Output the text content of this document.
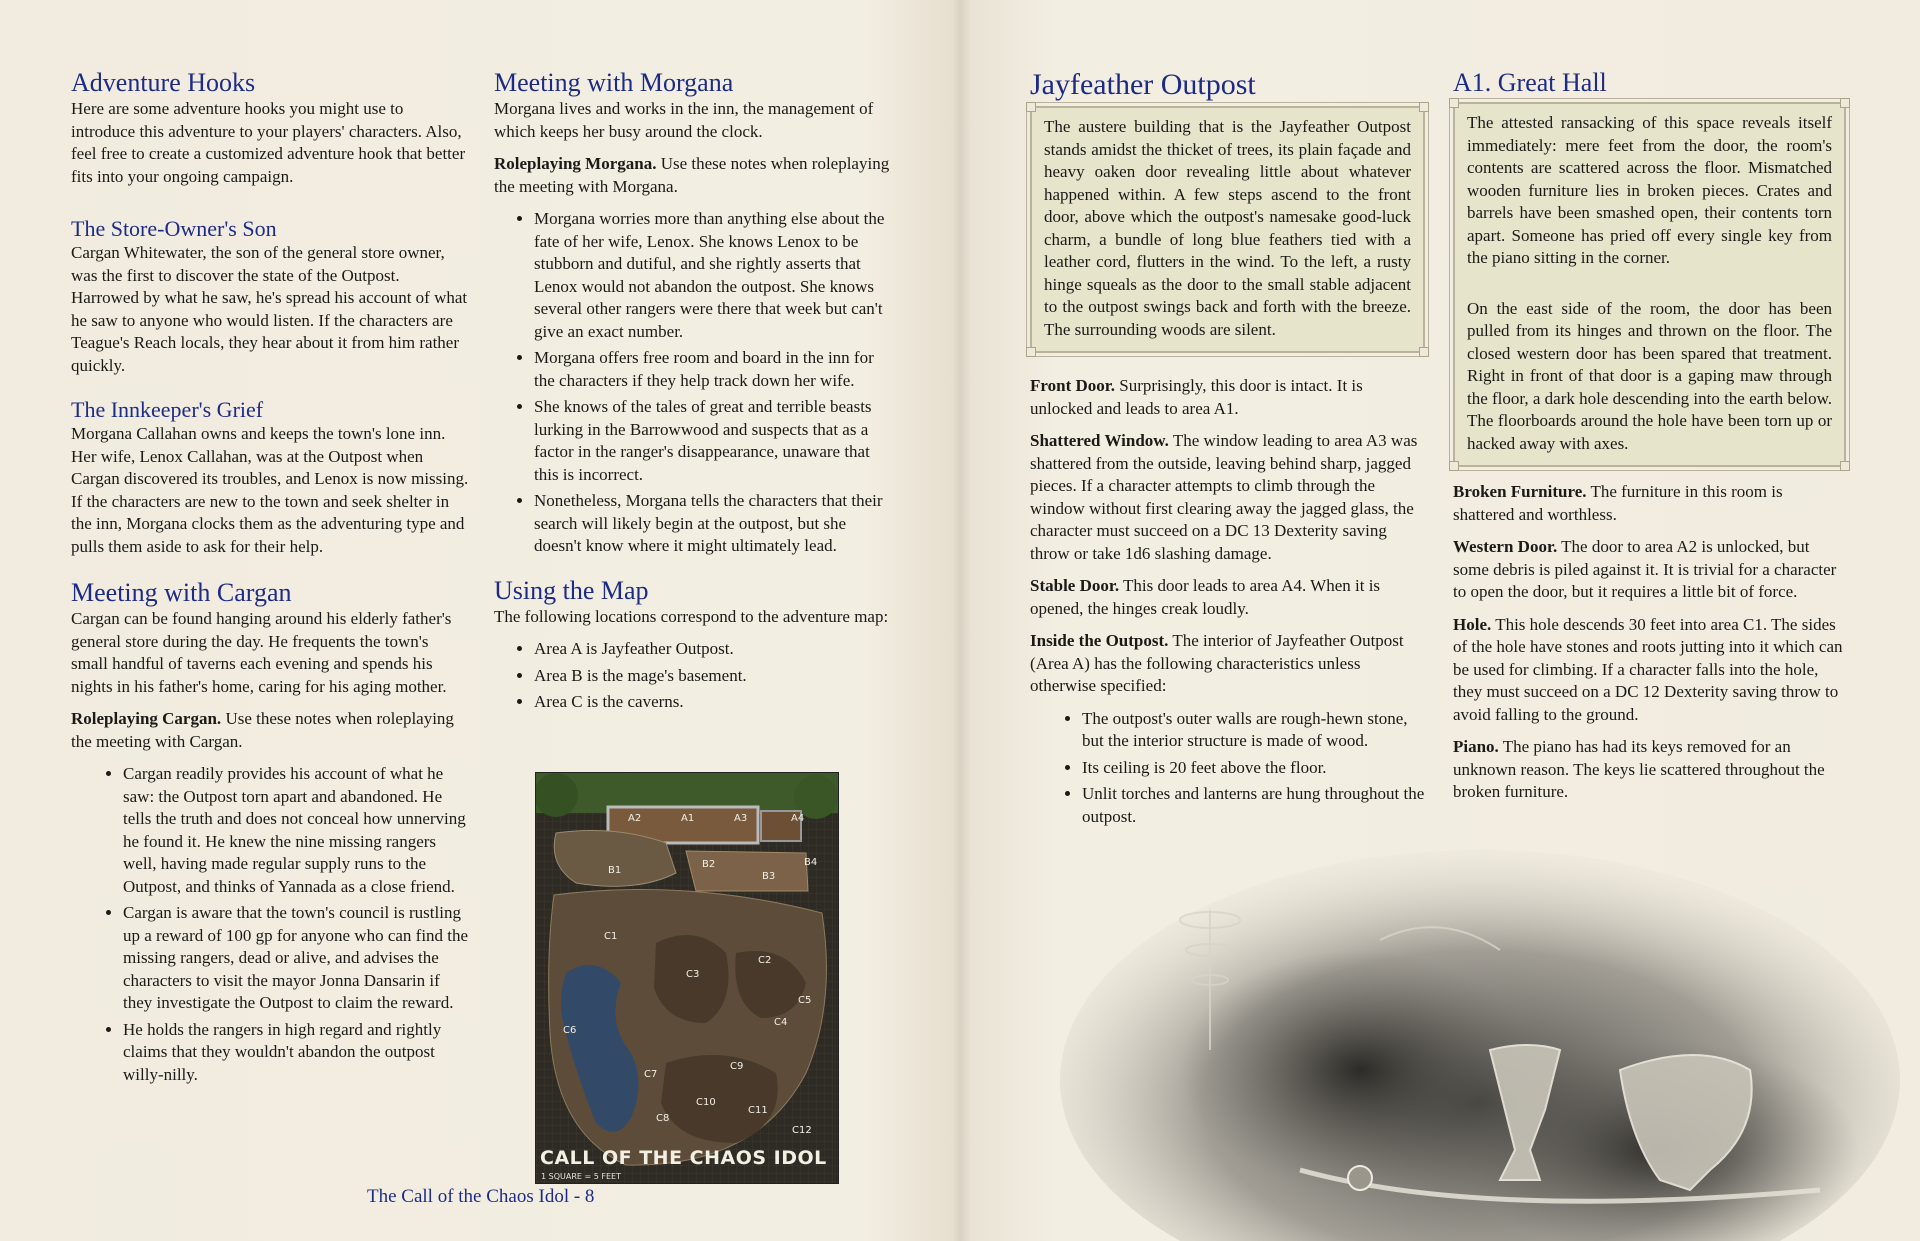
Adventure Hooks

Here are some adventure hooks you might use to introduce this adventure to your players' characters. Also, feel free to create a customized adventure hook that better fits into your ongoing campaign.

The Store-Owner's Son

Cargan Whitewater, the son of the general store owner, was the first to discover the state of the Outpost. Harrowed by what he saw, he's spread his account of what he saw to anyone who would listen. If the characters are Teague's Reach locals, they hear about it from him rather quickly.

The Innkeeper's Grief

Morgana Callahan owns and keeps the town's lone inn. Her wife, Lenox Callahan, was at the Outpost when Cargan discovered its troubles, and Lenox is now missing. If the characters are new to the town and seek shelter in the inn, Morgana clocks them as the adventuring type and pulls them aside to ask for their help.

Meeting with Cargan

Cargan can be found hanging around his elderly father's general store during the day. He frequents the town's small handful of taverns each evening and spends his nights in his father's home, caring for his aging mother.

Roleplaying Cargan. Use these notes when roleplaying the meeting with Cargan.

• Cargan readily provides his account of what he saw: the Outpost torn apart and abandoned. He tells the truth and does not conceal how unnerving he found it. He knew the nine missing rangers well, having made regular supply runs to the Outpost, and thinks of Yannada as a close friend.
• Cargan is aware that the town's council is rustling up a reward of 100 gp for anyone who can find the missing rangers, dead or alive, and advises the characters to visit the mayor Jonna Dansarin if they investigate the Outpost to claim the reward.
• He holds the rangers in high regard and rightly claims that they wouldn't abandon the outpost willy-nilly.
Meeting with Morgana

Morgana lives and works in the inn, the management of which keeps her busy around the clock.

Roleplaying Morgana. Use these notes when roleplaying the meeting with Morgana.

• Morgana worries more than anything else about the fate of her wife, Lenox. She knows Lenox to be stubborn and dutiful, and she rightly asserts that Lenox would not abandon the outpost. She knows several other rangers were there that week but can't give an exact number.
• Morgana offers free room and board in the inn for the characters if they help track down her wife.
• She knows of the tales of great and terrible beasts lurking in the Barrowwood and suspects that as a factor in the ranger's disappearance, unaware that this is incorrect.
• Nonetheless, Morgana tells the characters that their search will likely begin at the outpost, but she doesn't know where it might ultimately lead.
Using the Map

The following locations correspond to the adventure map:

• Area A is Jayfeather Outpost.
• Area B is the mage's basement.
• Area C is the caverns.
A2	A1	A3	A4
B1
B2
B3
B4
C1
C2
C3
C4
C5
C6
C7
C8
C9
C10
C11
C12
CALL OF THE CHAOS IDOL
1 SQUARE = 5 FEET
The Call of the Chaos Idol - 8
Jayfeather Outpost

The austere building that is the Jayfeather Outpost stands amidst the thicket of trees, its plain façade and heavy oaken door revealing little about whatever happened within. A few steps ascend to the front door, above which the outpost's namesake good-luck charm, a bundle of long blue feathers tied with a leather cord, flutters in the wind. To the left, a rusty hinge squeals as the door to the small stable adjacent to the outpost swings back and forth with the breeze. The surrounding woods are silent.

Front Door. Surprisingly, this door is intact. It is unlocked and leads to area A1.

Shattered Window. The window leading to area A3 was shattered from the outside, leaving behind sharp, jagged pieces. If a character attempts to climb through the window without first clearing away the jagged glass, the character must succeed on a DC 13 Dexterity saving throw or take 1d6 slashing damage.

Stable Door. This door leads to area A4. When it is opened, the hinges creak loudly.

Inside the Outpost. The interior of Jayfeather Outpost (Area A) has the following characteristics unless otherwise specified:

• The outpost's outer walls are rough-hewn stone, but the interior structure is made of wood.
• Its ceiling is 20 feet above the floor.
• Unlit torches and lanterns are hung throughout the outpost.
A1. Great Hall

The attested ransacking of this space reveals itself immediately: mere feet from the door, the room's contents are scattered across the floor. Mismatched wooden furniture lies in broken pieces. Crates and barrels have been smashed open, their contents torn apart. Someone has pried off every single key from the piano sitting in the corner.

On the east side of the room, the door has been pulled from its hinges and thrown on the floor. The closed western door has been spared that treatment. Right in front of that door is a gaping maw through the floor, a dark hole descending into the earth below. The floorboards around the hole have been torn up or hacked away with axes.

Broken Furniture. The furniture in this room is shattered and worthless.

Western Door. The door to area A2 is unlocked, but some debris is piled against it. It is trivial for a character to open the door, but it requires a little bit of force.

Hole. This hole descends 30 feet into area C1. The sides of the hole have stones and roots jutting into it which can be used for climbing. If a character falls into the hole, they must succeed on a DC 12 Dexterity saving throw to avoid falling to the ground.

Piano. The piano has had its keys removed for an unknown reason. The keys lie scattered throughout the broken furniture.
